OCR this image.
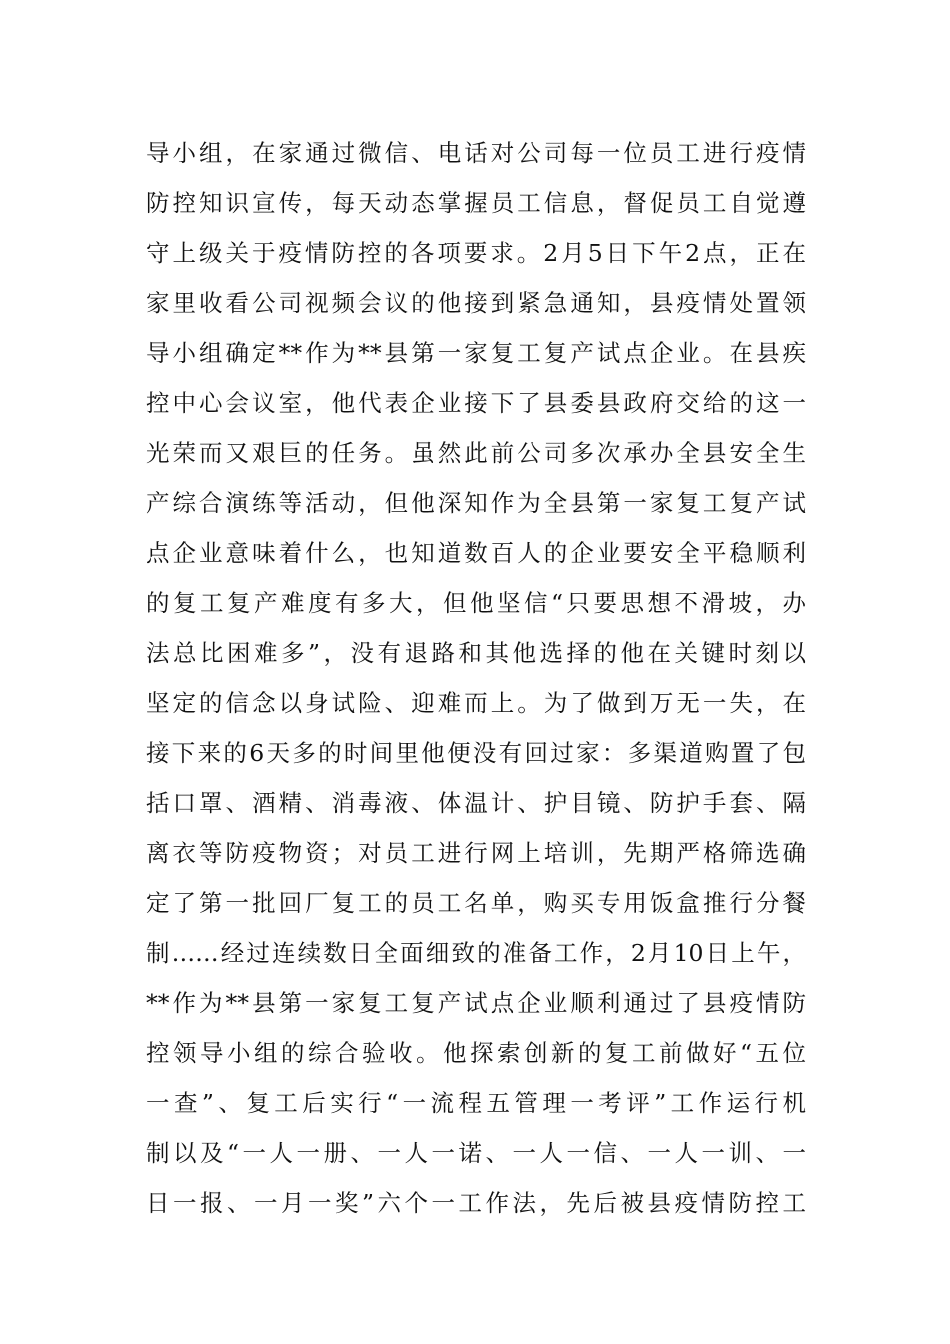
导小组，在家通过微信、电话对公司每一位员工进行疫情
防控知识宣传，每天动态掌握员工信息，督促员工自觉遵
守上级关于疫情防控的各项要求。2月5日下午2点，正在
家里收看公司视频会议的他接到紧急通知，县疫情处置领
导小组确定**作为**县第一家复工复产试点企业。在县疾
控中心会议室，他代表企业接下了县委县政府交给的这一
光荣而又艰巨的任务。虽然此前公司多次承办全县安全生
产综合演练等活动，但他深知作为全县第一家复工复产试
点企业意味着什么，也知道数百人的企业要安全平稳顺利
的复工复产难度有多大，但他坚信“只要思想不滑坡，办
法总比困难多”，没有退路和其他选择的他在关键时刻以
坚定的信念以身试险、迎难而上。为了做到万无一失，在
接下来的6天多的时间里他便没有回过家：多渠道购置了包
括口罩、酒精、消毒液、体温计、护目镜、防护手套、隔
离衣等防疫物资；对员工进行网上培训，先期严格筛选确
定了第一批回厂复工的员工名单，购买专用饭盒推行分餐
制……经过连续数日全面细致的准备工作，2月10日上午，
**作为**县第一家复工复产试点企业顺利通过了县疫情防
控领导小组的综合验收。他探索创新的复工前做好“五位
一查”、复工后实行“一流程五管理一考评”工作运行机
制以及“一人一册、一人一诺、一人一信、一人一训、一
日一报、一月一奖”六个一工作法，先后被县疫情防控工
